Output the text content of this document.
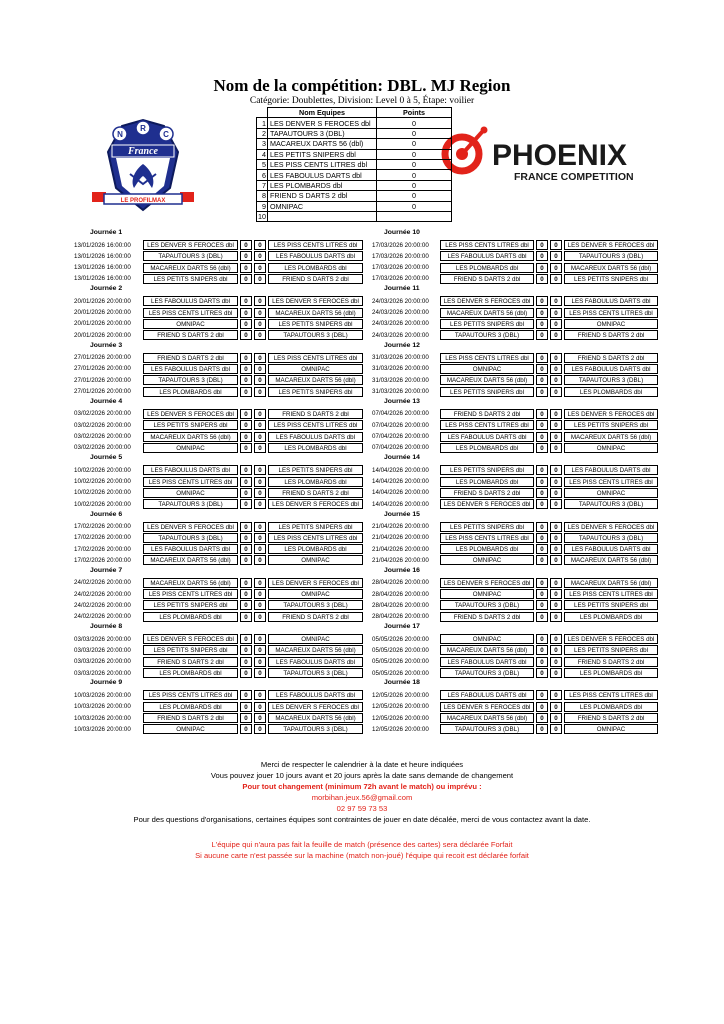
Nom de la compétition: DBL. MJ Region
Catégorie: Doublettes, Division: Level 0 à 5, Étape: voilier
N
R
C
France
LE PROFILMAX
PHOENIX
FRANCE COMPETITION
	Nom Equipes	Points
1	LES DENVER S FEROCES dbl	0
2	TAPAUTOURS 3 (DBL)	0
3	MACAREUX DARTS 56 (dbl)	0
4	LES PETITS SNIPERS dbl	0
5	LES PISS CENTS LITRES dbl	0
6	LES FABOULUS DARTS dbl	0
7	LES PLOMBARDS dbl	0
8	FRIEND S DARTS 2 dbl	0
9	OMNIPAC	0
10		
Journée 1
13/01/2026 16:00:00	LES DENVER S FEROCES dbl	0	0	LES PISS CENTS LITRES dbl
13/01/2026 16:00:00	TAPAUTOURS 3 (DBL)	0	0	LES FABOULUS DARTS dbl
13/01/2026 16:00:00	MACAREUX DARTS 56 (dbl)	0	0	LES PLOMBARDS dbl
13/01/2026 16:00:00	LES PETITS SNIPERS dbl	0	0	FRIEND S DARTS 2 dbl
Journée 2
20/01/2026 20:00:00	LES FABOULUS DARTS dbl	0	0	LES DENVER S FEROCES dbl
20/01/2026 20:00:00	LES PISS CENTS LITRES dbl	0	0	MACAREUX DARTS 56 (dbl)
20/01/2026 20:00:00	OMNIPAC	0	0	LES PETITS SNIPERS dbl
20/01/2026 20:00:00	FRIEND S DARTS 2 dbl	0	0	TAPAUTOURS 3 (DBL)
Journée 3
27/01/2026 20:00:00	FRIEND S DARTS 2 dbl	0	0	LES PISS CENTS LITRES dbl
27/01/2026 20:00:00	LES FABOULUS DARTS dbl	0	0	OMNIPAC
27/01/2026 20:00:00	TAPAUTOURS 3 (DBL)	0	0	MACAREUX DARTS 56 (dbl)
27/01/2026 20:00:00	LES PLOMBARDS dbl	0	0	LES PETITS SNIPERS dbl
Journée 4
03/02/2026 20:00:00	LES DENVER S FEROCES dbl	0	0	FRIEND S DARTS 2 dbl
03/02/2026 20:00:00	LES PETITS SNIPERS dbl	0	0	LES PISS CENTS LITRES dbl
03/02/2026 20:00:00	MACAREUX DARTS 56 (dbl)	0	0	LES FABOULUS DARTS dbl
03/02/2026 20:00:00	OMNIPAC	0	0	LES PLOMBARDS dbl
Journée 5
10/02/2026 20:00:00	LES FABOULUS DARTS dbl	0	0	LES PETITS SNIPERS dbl
10/02/2026 20:00:00	LES PISS CENTS LITRES dbl	0	0	LES PLOMBARDS dbl
10/02/2026 20:00:00	OMNIPAC	0	0	FRIEND S DARTS 2 dbl
10/02/2026 20:00:00	TAPAUTOURS 3 (DBL)	0	0	LES DENVER S FEROCES dbl
Journée 6
17/02/2026 20:00:00	LES DENVER S FEROCES dbl	0	0	LES PETITS SNIPERS dbl
17/02/2026 20:00:00	TAPAUTOURS 3 (DBL)	0	0	LES PISS CENTS LITRES dbl
17/02/2026 20:00:00	LES FABOULUS DARTS dbl	0	0	LES PLOMBARDS dbl
17/02/2026 20:00:00	MACAREUX DARTS 56 (dbl)	0	0	OMNIPAC
Journée 7
24/02/2026 20:00:00	MACAREUX DARTS 56 (dbl)	0	0	LES DENVER S FEROCES dbl
24/02/2026 20:00:00	LES PISS CENTS LITRES dbl	0	0	OMNIPAC
24/02/2026 20:00:00	LES PETITS SNIPERS dbl	0	0	TAPAUTOURS 3 (DBL)
24/02/2026 20:00:00	LES PLOMBARDS dbl	0	0	FRIEND S DARTS 2 dbl
Journée 8
03/03/2026 20:00:00	LES DENVER S FEROCES dbl	0	0	OMNIPAC
03/03/2026 20:00:00	LES PETITS SNIPERS dbl	0	0	MACAREUX DARTS 56 (dbl)
03/03/2026 20:00:00	FRIEND S DARTS 2 dbl	0	0	LES FABOULUS DARTS dbl
03/03/2026 20:00:00	LES PLOMBARDS dbl	0	0	TAPAUTOURS 3 (DBL)
Journée 9
10/03/2026 20:00:00	LES PISS CENTS LITRES dbl	0	0	LES FABOULUS DARTS dbl
10/03/2026 20:00:00	LES PLOMBARDS dbl	0	0	LES DENVER S FEROCES dbl
10/03/2026 20:00:00	FRIEND S DARTS 2 dbl	0	0	MACAREUX DARTS 56 (dbl)
10/03/2026 20:00:00	OMNIPAC	0	0	TAPAUTOURS 3 (DBL)
Journée 10
17/03/2026 20:00:00	LES PISS CENTS LITRES dbl	0	0	LES DENVER S FEROCES dbl
17/03/2026 20:00:00	LES FABOULUS DARTS dbl	0	0	TAPAUTOURS 3 (DBL)
17/03/2026 20:00:00	LES PLOMBARDS dbl	0	0	MACAREUX DARTS 56 (dbl)
17/03/2026 20:00:00	FRIEND S DARTS 2 dbl	0	0	LES PETITS SNIPERS dbl
Journée 11
24/03/2026 20:00:00	LES DENVER S FEROCES dbl	0	0	LES FABOULUS DARTS dbl
24/03/2026 20:00:00	MACAREUX DARTS 56 (dbl)	0	0	LES PISS CENTS LITRES dbl
24/03/2026 20:00:00	LES PETITS SNIPERS dbl	0	0	OMNIPAC
24/03/2026 20:00:00	TAPAUTOURS 3 (DBL)	0	0	FRIEND S DARTS 2 dbl
Journée 12
31/03/2026 20:00:00	LES PISS CENTS LITRES dbl	0	0	FRIEND S DARTS 2 dbl
31/03/2026 20:00:00	OMNIPAC	0	0	LES FABOULUS DARTS dbl
31/03/2026 20:00:00	MACAREUX DARTS 56 (dbl)	0	0	TAPAUTOURS 3 (DBL)
31/03/2026 20:00:00	LES PETITS SNIPERS dbl	0	0	LES PLOMBARDS dbl
Journée 13
07/04/2026 20:00:00	FRIEND S DARTS 2 dbl	0	0	LES DENVER S FEROCES dbl
07/04/2026 20:00:00	LES PISS CENTS LITRES dbl	0	0	LES PETITS SNIPERS dbl
07/04/2026 20:00:00	LES FABOULUS DARTS dbl	0	0	MACAREUX DARTS 56 (dbl)
07/04/2026 20:00:00	LES PLOMBARDS dbl	0	0	OMNIPAC
Journée 14
14/04/2026 20:00:00	LES PETITS SNIPERS dbl	0	0	LES FABOULUS DARTS dbl
14/04/2026 20:00:00	LES PLOMBARDS dbl	0	0	LES PISS CENTS LITRES dbl
14/04/2026 20:00:00	FRIEND S DARTS 2 dbl	0	0	OMNIPAC
14/04/2026 20:00:00	LES DENVER S FEROCES dbl	0	0	TAPAUTOURS 3 (DBL)
Journée 15
21/04/2026 20:00:00	LES PETITS SNIPERS dbl	0	0	LES DENVER S FEROCES dbl
21/04/2026 20:00:00	LES PISS CENTS LITRES dbl	0	0	TAPAUTOURS 3 (DBL)
21/04/2026 20:00:00	LES PLOMBARDS dbl	0	0	LES FABOULUS DARTS dbl
21/04/2026 20:00:00	OMNIPAC	0	0	MACAREUX DARTS 56 (dbl)
Journée 16
28/04/2026 20:00:00	LES DENVER S FEROCES dbl	0	0	MACAREUX DARTS 56 (dbl)
28/04/2026 20:00:00	OMNIPAC	0	0	LES PISS CENTS LITRES dbl
28/04/2026 20:00:00	TAPAUTOURS 3 (DBL)	0	0	LES PETITS SNIPERS dbl
28/04/2026 20:00:00	FRIEND S DARTS 2 dbl	0	0	LES PLOMBARDS dbl
Journée 17
05/05/2026 20:00:00	OMNIPAC	0	0	LES DENVER S FEROCES dbl
05/05/2026 20:00:00	MACAREUX DARTS 56 (dbl)	0	0	LES PETITS SNIPERS dbl
05/05/2026 20:00:00	LES FABOULUS DARTS dbl	0	0	FRIEND S DARTS 2 dbl
05/05/2026 20:00:00	TAPAUTOURS 3 (DBL)	0	0	LES PLOMBARDS dbl
Journée 18
12/05/2026 20:00:00	LES FABOULUS DARTS dbl	0	0	LES PISS CENTS LITRES dbl
12/05/2026 20:00:00	LES DENVER S FEROCES dbl	0	0	LES PLOMBARDS dbl
12/05/2026 20:00:00	MACAREUX DARTS 56 (dbl)	0	0	FRIEND S DARTS 2 dbl
12/05/2026 20:00:00	TAPAUTOURS 3 (DBL)	0	0	OMNIPAC
Merci de respecter le calendrier à la date et heure indiquées
Vous pouvez jouer 10 jours avant et 20 jours après la date sans demande de changement
Pour tout changement (minimum 72h avant le match) ou imprévu :
morbihan.jeux.56@gmail.com
02 97 59 73 53
Pour des questions d'organisations, certaines équipes sont contraintes de jouer en date décalée, merci de vous contactez avant la date.
L'équipe qui n'aura pas fait la feuille de match (présence des cartes) sera déclarée Forfait
Si aucune carte n'est passée sur la machine (match non-joué) l'équipe qui recoit est déclarée forfait
